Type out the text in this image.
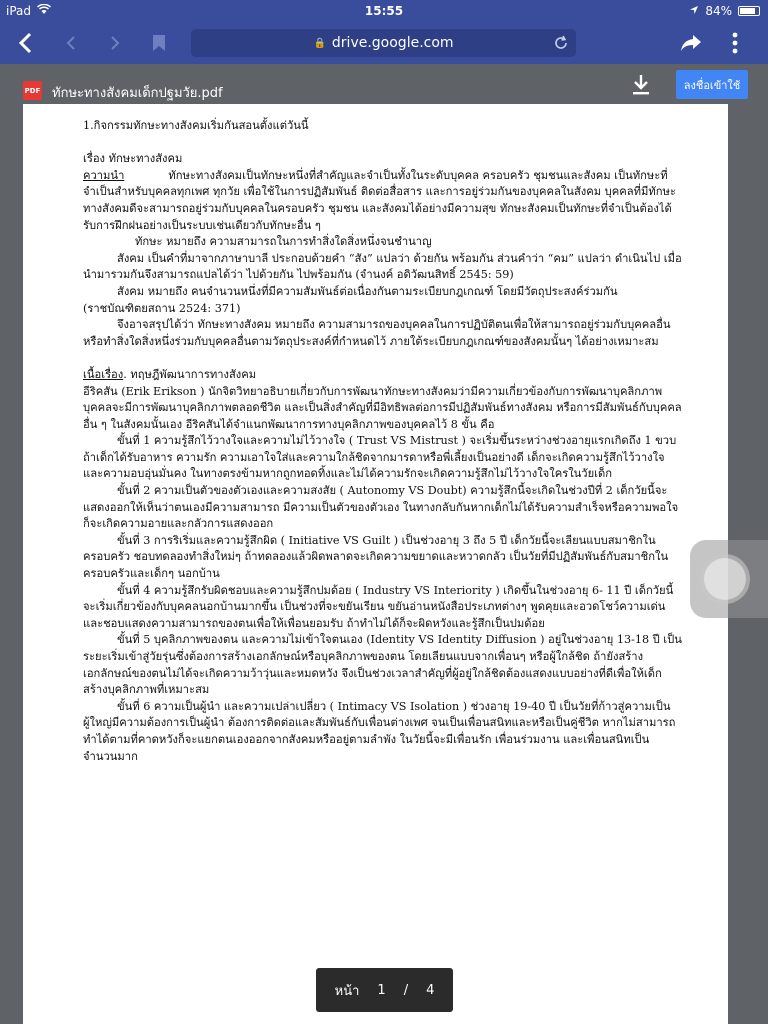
iPad	15:55	84%
🔒 drive.google.com
PDF ทักษะทางสังคมเด็กปฐมวัย.pdf

1.กิจกรรมทักษะทางสังคมเริ่มกันสอนตั้งแต่วันนี้

เรื่อง ทักษะทางสังคม

ความนำ	ทักษะทางสังคมเป็นทักษะหนึ่งที่สำคัญและจำเป็นทั้งในระดับบุคคล ครอบครัว ชุมชนและสังคม เป็นทักษะที่จำเป็นสำหรับบุคคลทุกเพศ ทุกวัย เพื่อใช้ในการปฏิสัมพันธ์ ติดต่อสื่อสาร และการอยู่ร่วมกันของบุคคลในสังคม บุคคลที่มีทักษะทางสังคมดีจะสามารถอยู่ร่วมกับบุคคลในครอบครัว ชุมชน และสังคมได้อย่างมีความสุข ทักษะสังคมเป็นทักษะที่จำเป็นต้องได้รับการฝึกฝนอย่างเป็นระบบเช่นเดียวกับทักษะอื่น ๆ

ทักษะ หมายถึง ความสามารถในการทำสิ่งใดสิ่งหนึ่งจนชำนาญ

สังคม เป็นคำที่มาจากภาษาบาลี ประกอบด้วยคำ “สัง” แปลว่า ด้วยกัน พร้อมกัน ส่วนคำว่า “คม” แปลว่า ดำเนินไป เมื่อนำมารวมกันจึงสามารถแปลได้ว่า ไปด้วยกัน ไปพร้อมกัน (จำนงค์ อดิวัฒนสิทธิ์ 2545: 59)

สังคม หมายถึง คนจำนวนหนึ่งที่มีความสัมพันธ์ต่อเนื่องกันตามระเบียบกฎเกณฑ์ โดยมีวัตถุประสงค์ร่วมกัน (ราชบัณฑิตยสถาน 2524: 371)

จึงอาจสรุปได้ว่า ทักษะทางสังคม หมายถึง ความสามารถของบุคคลในการปฏิบัติตนเพื่อให้สามารถอยู่ร่วมกับบุคคลอื่น หรือทำสิ่งใดสิ่งหนึ่งร่วมกับบุคคลอื่นตามวัตถุประสงค์ที่กำหนดไว้ ภายใต้ระเบียบกฎเกณฑ์ของสังคมนั้นๆ ได้อย่างเหมาะสม

เนื้อเรื่อง. ทฤษฎีพัฒนาการทางสังคม

อีริคสัน (Erik Erikson ) นักจิตวิทยาอธิบายเกี่ยวกับการพัฒนาทักษะทางสังคมว่ามีความเกี่ยวข้องกับการพัฒนาบุคลิกภาพ บุคคลจะมีการพัฒนาบุคลิกภาพตลอดชีวิต และเป็นสิ่งสำคัญที่มีอิทธิพลต่อการมีปฏิสัมพันธ์ทางสังคม หรือการมีสัมพันธ์กับบุคคลอื่น ๆ ในสังคมนั้นเอง อีริคสันได้จำแนกพัฒนาการทางบุคลิกภาพของบุคคลไว้ 8 ขั้น คือ

ขั้นที่ 1 ความรู้สึกไว้วางใจและความไม่ไว้วางใจ ( Trust VS Mistrust ) จะเริ่มขึ้นระหว่างช่วงอายุแรกเกิดถึง 1 ขวบ ถ้าเด็กได้รับอาหาร ความรัก ความเอาใจใส่และความใกล้ชิดจากมารดาหรือพี่เลี้ยงเป็นอย่างดี เด็กจะเกิดความรู้สึกไว้วางใจและความอบอุ่นมั่นคง ในทางตรงข้ามหากถูกทอดทิ้งและไม่ได้ความรักจะเกิดความรู้สึกไม่ไว้วางใจใครในวัยเด็ก

ขั้นที่ 2 ความเป็นตัวของตัวเองและความสงสัย ( Autonomy VS Doubt) ความรู้สึกนี้จะเกิดในช่วงปีที่ 2 เด็กวัยนี้จะแสดงออกให้เห็นว่าตนเองมีความสามารถ มีความเป็นตัวของตัวเอง ในทางกลับกันหากเด็กไม่ได้รับความสำเร็จหรือความพอใจก็จะเกิดความอายและกลัวการแสดงออก

ขั้นที่ 3 การริเริ่มและความรู้สึกผิด ( Initiative VS Guilt ) เป็นช่วงอายุ 3 ถึง 5 ปี เด็กวัยนี้จะเลียนแบบสมาชิกในครอบครัว ชอบทดลองทำสิ่งใหม่ๆ ถ้าทดลองแล้วผิดพลาดจะเกิดความขยาดและหวาดกลัว เป็นวัยที่มีปฏิสัมพันธ์กับสมาชิกในครอบครัวและเด็กๆ นอกบ้าน

ขั้นที่ 4 ความรู้สึกรับผิดชอบและความรู้สึกปมด้อย ( Industry VS Interiority ) เกิดขึ้นในช่วงอายุ 6- 11 ปี เด็กวัยนี้จะเริ่มเกี่ยวข้องกับบุคคลนอกบ้านมากขึ้น เป็นช่วงที่จะขยันเรียน ขยันอ่านหนังสือประเภทต่างๆ พูดคุยและอวดโชว์ความเด่น และชอบแสดงความสามารถของตนเพื่อให้เพื่อนยอมรับ ถ้าทำไม่ได้ก็จะผิดหวังและรู้สึกเป็นปมด้อย

ขั้นที่ 5 บุคลิกภาพของตน และความไม่เข้าใจตนเอง (Identity VS Identity Diffusion ) อยู่ในช่วงอายุ 13-18 ปี เป็นระยะเริ่มเข้าสู่วัยรุ่นซึ่งต้องการสร้างเอกลักษณ์หรือบุคลิกภาพของตน โดยเลียนแบบจากเพื่อนๆ หรือผู้ใกล้ชิด ถ้ายังสร้างเอกลักษณ์ของตนไม่ได้จะเกิดความว้าวุ่นและหมดหวัง จึงเป็นช่วงเวลาสำคัญที่ผู้อยู่ใกล้ชิดต้องแสดงแบบอย่างที่ดีเพื่อให้เด็กสร้างบุคลิกภาพที่เหมาะสม

ขั้นที่ 6 ความเป็นผู้นำ และความเปล่าเปลี่ยว ( Intimacy VS Isolation ) ช่วงอายุ 19-40 ปี เป็นวัยที่ก้าวสู่ความเป็นผู้ใหญ่มีความต้องการเป็นผู้นำ ต้องการติดต่อและสัมพันธ์กับเพื่อนต่างเพศ จนเป็นเพื่อนสนิทและหรือเป็นคู่ชีวิต หากไม่สามารถทำได้ตามที่คาดหวังก็จะแยกตนเองออกจากสังคมหรืออยู่ตามลำพัง ในวัยนี้จะมีเพื่อนรัก เพื่อนร่วมงาน และเพื่อนสนิทเป็นจำนวนมาก

ลงชื่อเข้าใช้
หน้า 1 / 4
